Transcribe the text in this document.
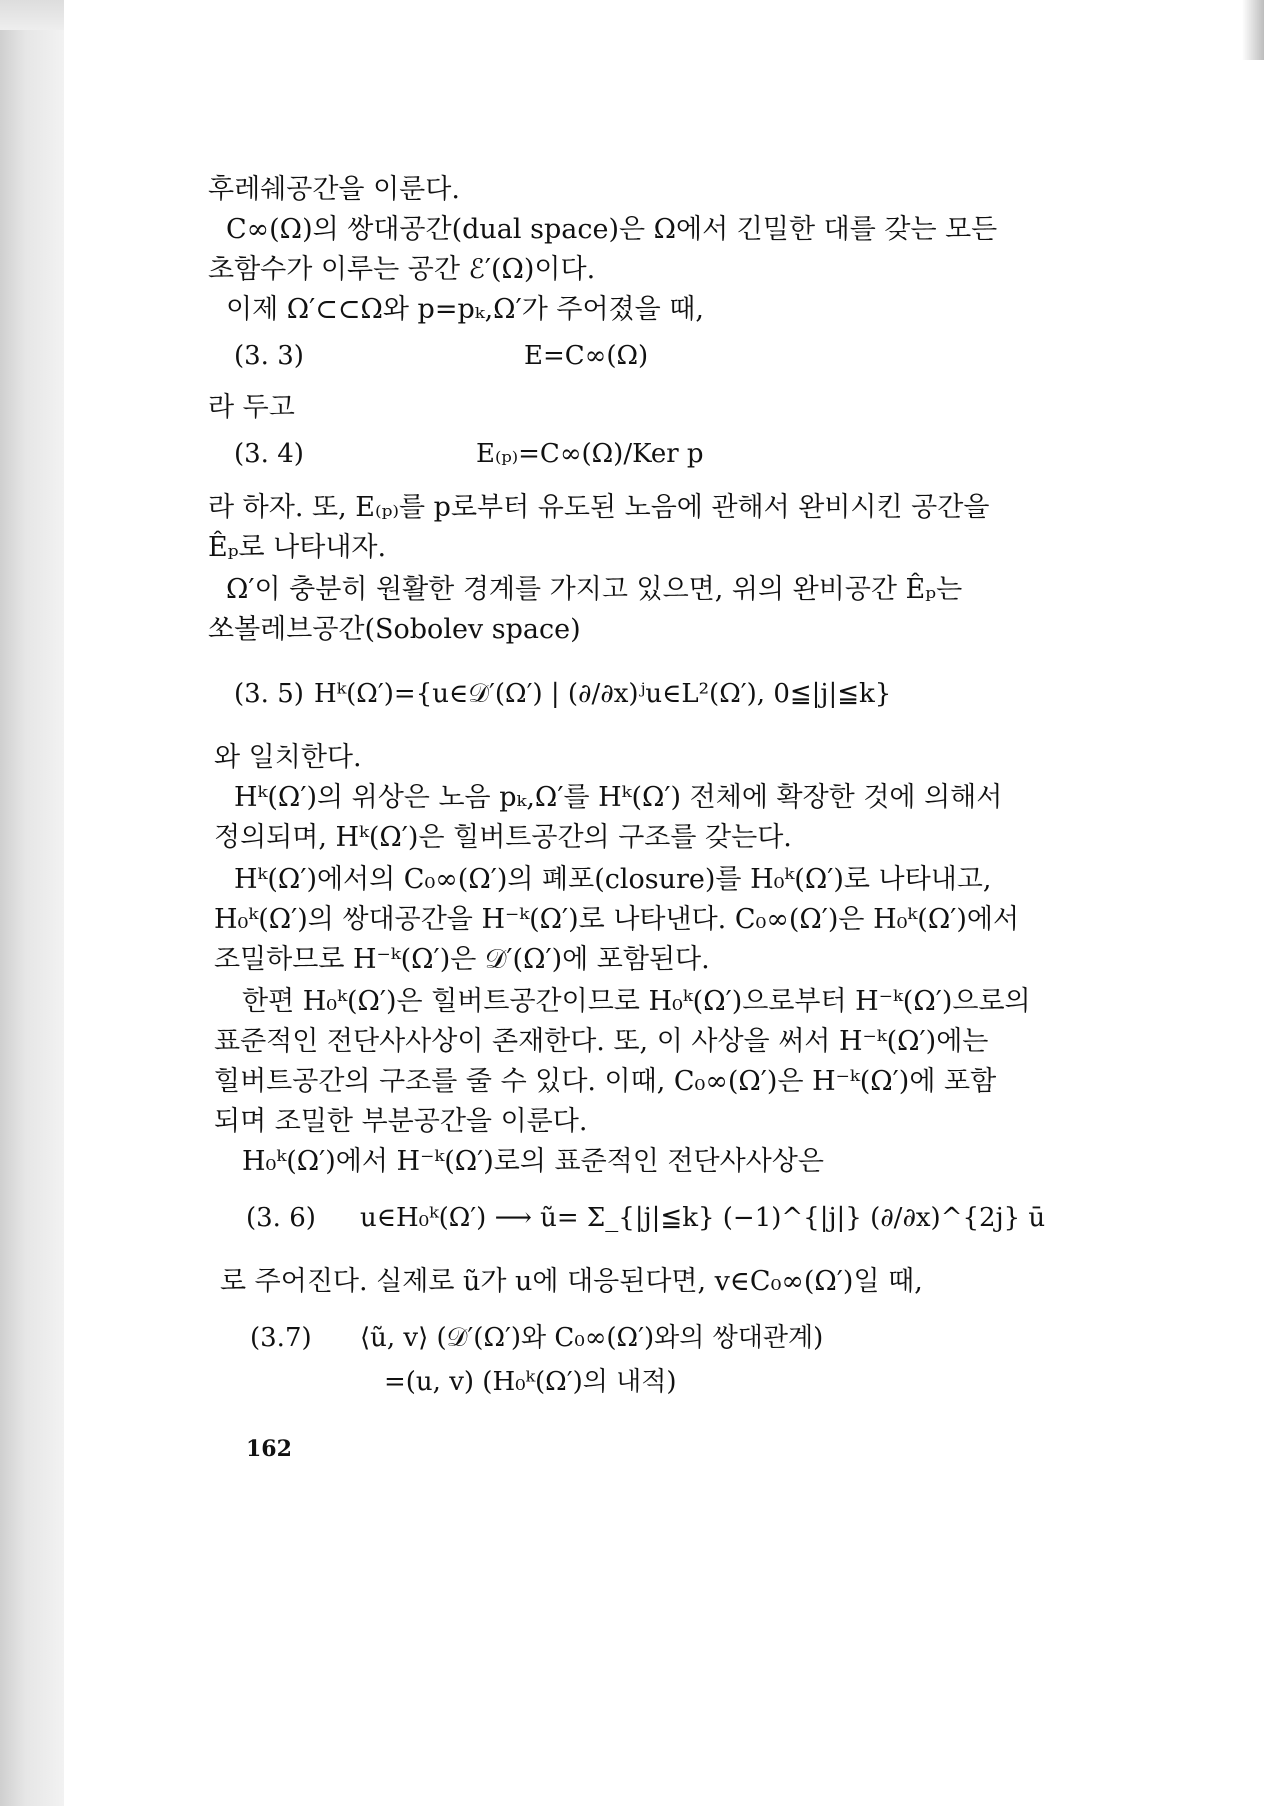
후레쉐공간을 이룬다.
C∞(Ω)의 쌍대공간(dual space)은 Ω에서 긴밀한 대를 갖는 모든
초함수가 이루는 공간 ℰ′(Ω)이다.
이제 Ω′⊂⊂Ω와 p=pₖ,Ω′가 주어졌을 때,
(3. 3)	E=C∞(Ω)
라 두고
(3. 4)	E₍ₚ₎=C∞(Ω)/Ker p
라 하자. 또, E₍ₚ₎를 p로부터 유도된 노음에 관해서 완비시킨 공간을
Êₚ로 나타내자.
Ω′이 충분히 원활한 경계를 가지고 있으면, 위의 완비공간 Êₚ는
쏘볼레브공간(Sobolev space)
(3. 5) Hᵏ(Ω′)={u∈𝒟′(Ω′) | (∂/∂x)ʲu∈L²(Ω′), 0≦|j|≦k}
와 일치한다.
Hᵏ(Ω′)의 위상은 노음 pₖ,Ω′를 Hᵏ(Ω′) 전체에 확장한 것에 의해서
정의되며, Hᵏ(Ω′)은 힐버트공간의 구조를 갖는다.
Hᵏ(Ω′)에서의 C₀∞(Ω′)의 폐포(closure)를 H₀ᵏ(Ω′)로 나타내고,
H₀ᵏ(Ω′)의 쌍대공간을 H⁻ᵏ(Ω′)로 나타낸다. C₀∞(Ω′)은 H₀ᵏ(Ω′)에서
조밀하므로 H⁻ᵏ(Ω′)은 𝒟′(Ω′)에 포함된다.
한편 H₀ᵏ(Ω′)은 힐버트공간이므로 H₀ᵏ(Ω′)으로부터 H⁻ᵏ(Ω′)으로의
표준적인 전단사사상이 존재한다. 또, 이 사상을 써서 H⁻ᵏ(Ω′)에는
힐버트공간의 구조를 줄 수 있다. 이때, C₀∞(Ω′)은 H⁻ᵏ(Ω′)에 포함
되며 조밀한 부분공간을 이룬다.
H₀ᵏ(Ω′)에서 H⁻ᵏ(Ω′)로의 표준적인 전단사사상은
(3. 6) u∈H₀ᵏ(Ω′) ⟶ ũ= Σ_{|j|≦k} (−1)^{|j|} (∂/∂x)^{2j} ū
로 주어진다. 실제로 ũ가 u에 대응된다면, v∈C₀∞(Ω′)일 때,
(3.7) ⟨ũ, v⟩ (𝒟′(Ω′)와 C₀∞(Ω′)와의 쌍대관계)
=(u, v) (H₀ᵏ(Ω′)의 내적)
162
